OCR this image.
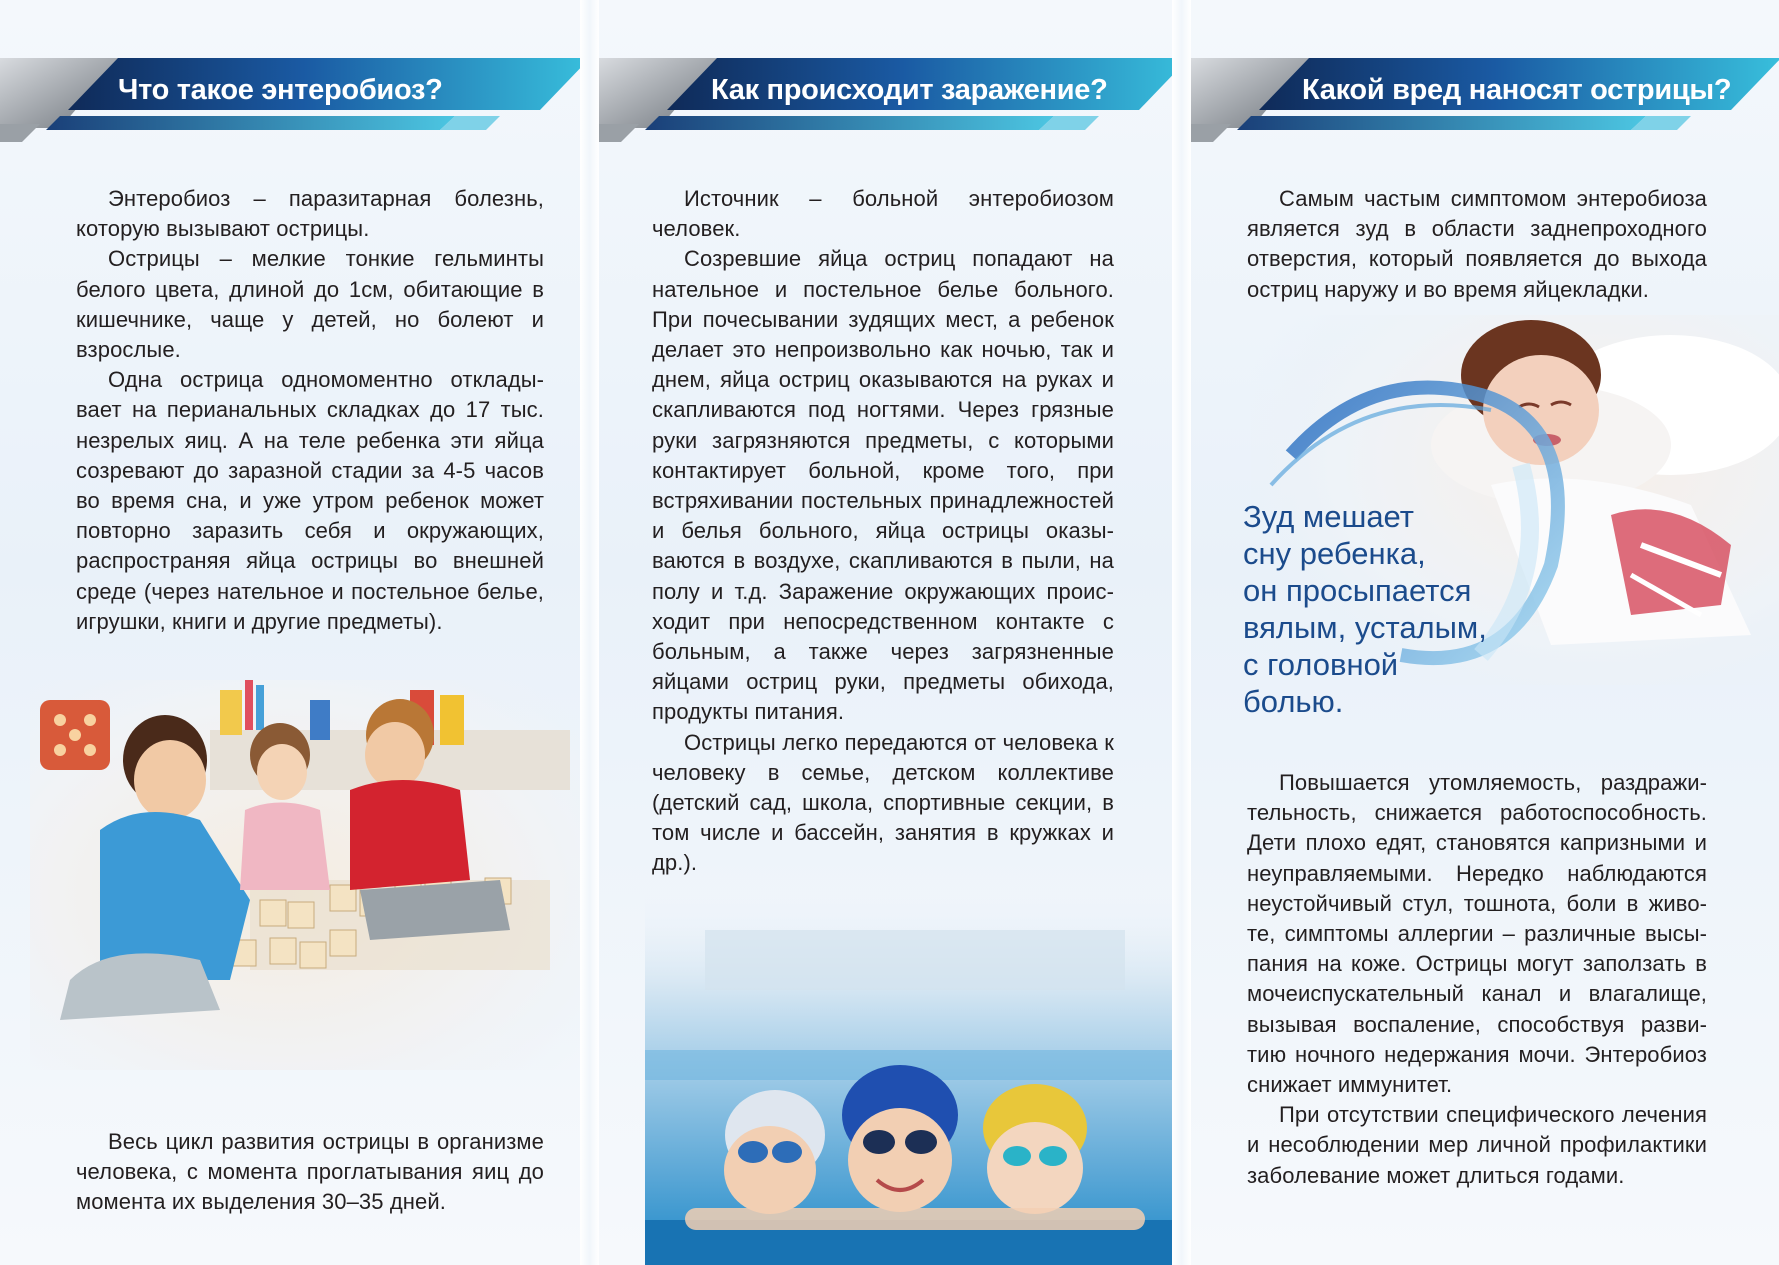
Что такое энтеробиоз?

Энтеробиоз – паразитарная болезнь, которую вызывают острицы.

Острицы – мелкие тонкие гельминты белого цвета, длиной до 1см, обитающие в кишечнике, чаще у детей, но болеют и взрослые.

Одна острица одномоментно откладывает на перианальных складках до 17 тыс. незрелых яиц. А на теле ребенка эти яйца созревают до заразной стадии за 4-5 часов во время сна, и уже утром ребенок может повторно заразить себя и окружающих, распространяя яйца острицы во внешней среде (через нательное и постельное белье, игрушки, книги и другие предметы).

Весь цикл развития острицы в организме человека, с момента проглатывания яиц до момента их выделения 30–35 дней.

Как происходит заражение?

Источник – больной энтеробиозом человек.

Созревшие яйца остриц попадают на нательное и постельное белье больного. При почесывании зудящих мест, а ребенок делает это непроизвольно как ночью, так и днем, яйца остриц оказываются на руках и скапливаются под ногтями. Через грязные руки загрязняются предметы, с которыми контактирует больной, кроме того, при встряхивании постельных принадлежностей и белья больного, яйца острицы оказываются в воздухе, скапливаются в пыли, на полу и т.д. Заражение окружающих происходит при непосредственном контакте с больным, а также через загрязненные яйцами остриц руки, предметы обихода, продукты питания.

Острицы легко передаются от человека к человеку в семье, детском коллективе (детский сад, школа, спортивные секции, в том числе и бассейн, занятия в кружках и др.).

Какой вред наносят острицы?

Самым частым симптомом энтеробиоза является зуд в области заднепроходного отверстия, который появляется до выхода остриц наружу и во время яйцекладки.

Зуд мешает
сну ребенка,
он просыпается
вялым, усталым,
с головной
болью.

Повышается утомляемость, раздражительность, снижается работоспособность. Дети плохо едят, становятся капризными и неуправляемыми. Нередко наблюдаются неустойчивый стул, тошнота, боли в животе, симптомы аллергии – различные высыпания на коже. Острицы могут заползать в мочеиспускательный канал и влагалище, вызывая воспаление, способствуя развитию ночного недержания мочи. Энтеробиоз снижает иммунитет.

При отсутствии специфического лечения и несоблюдении мер личной профилактики заболевание может длиться годами.
